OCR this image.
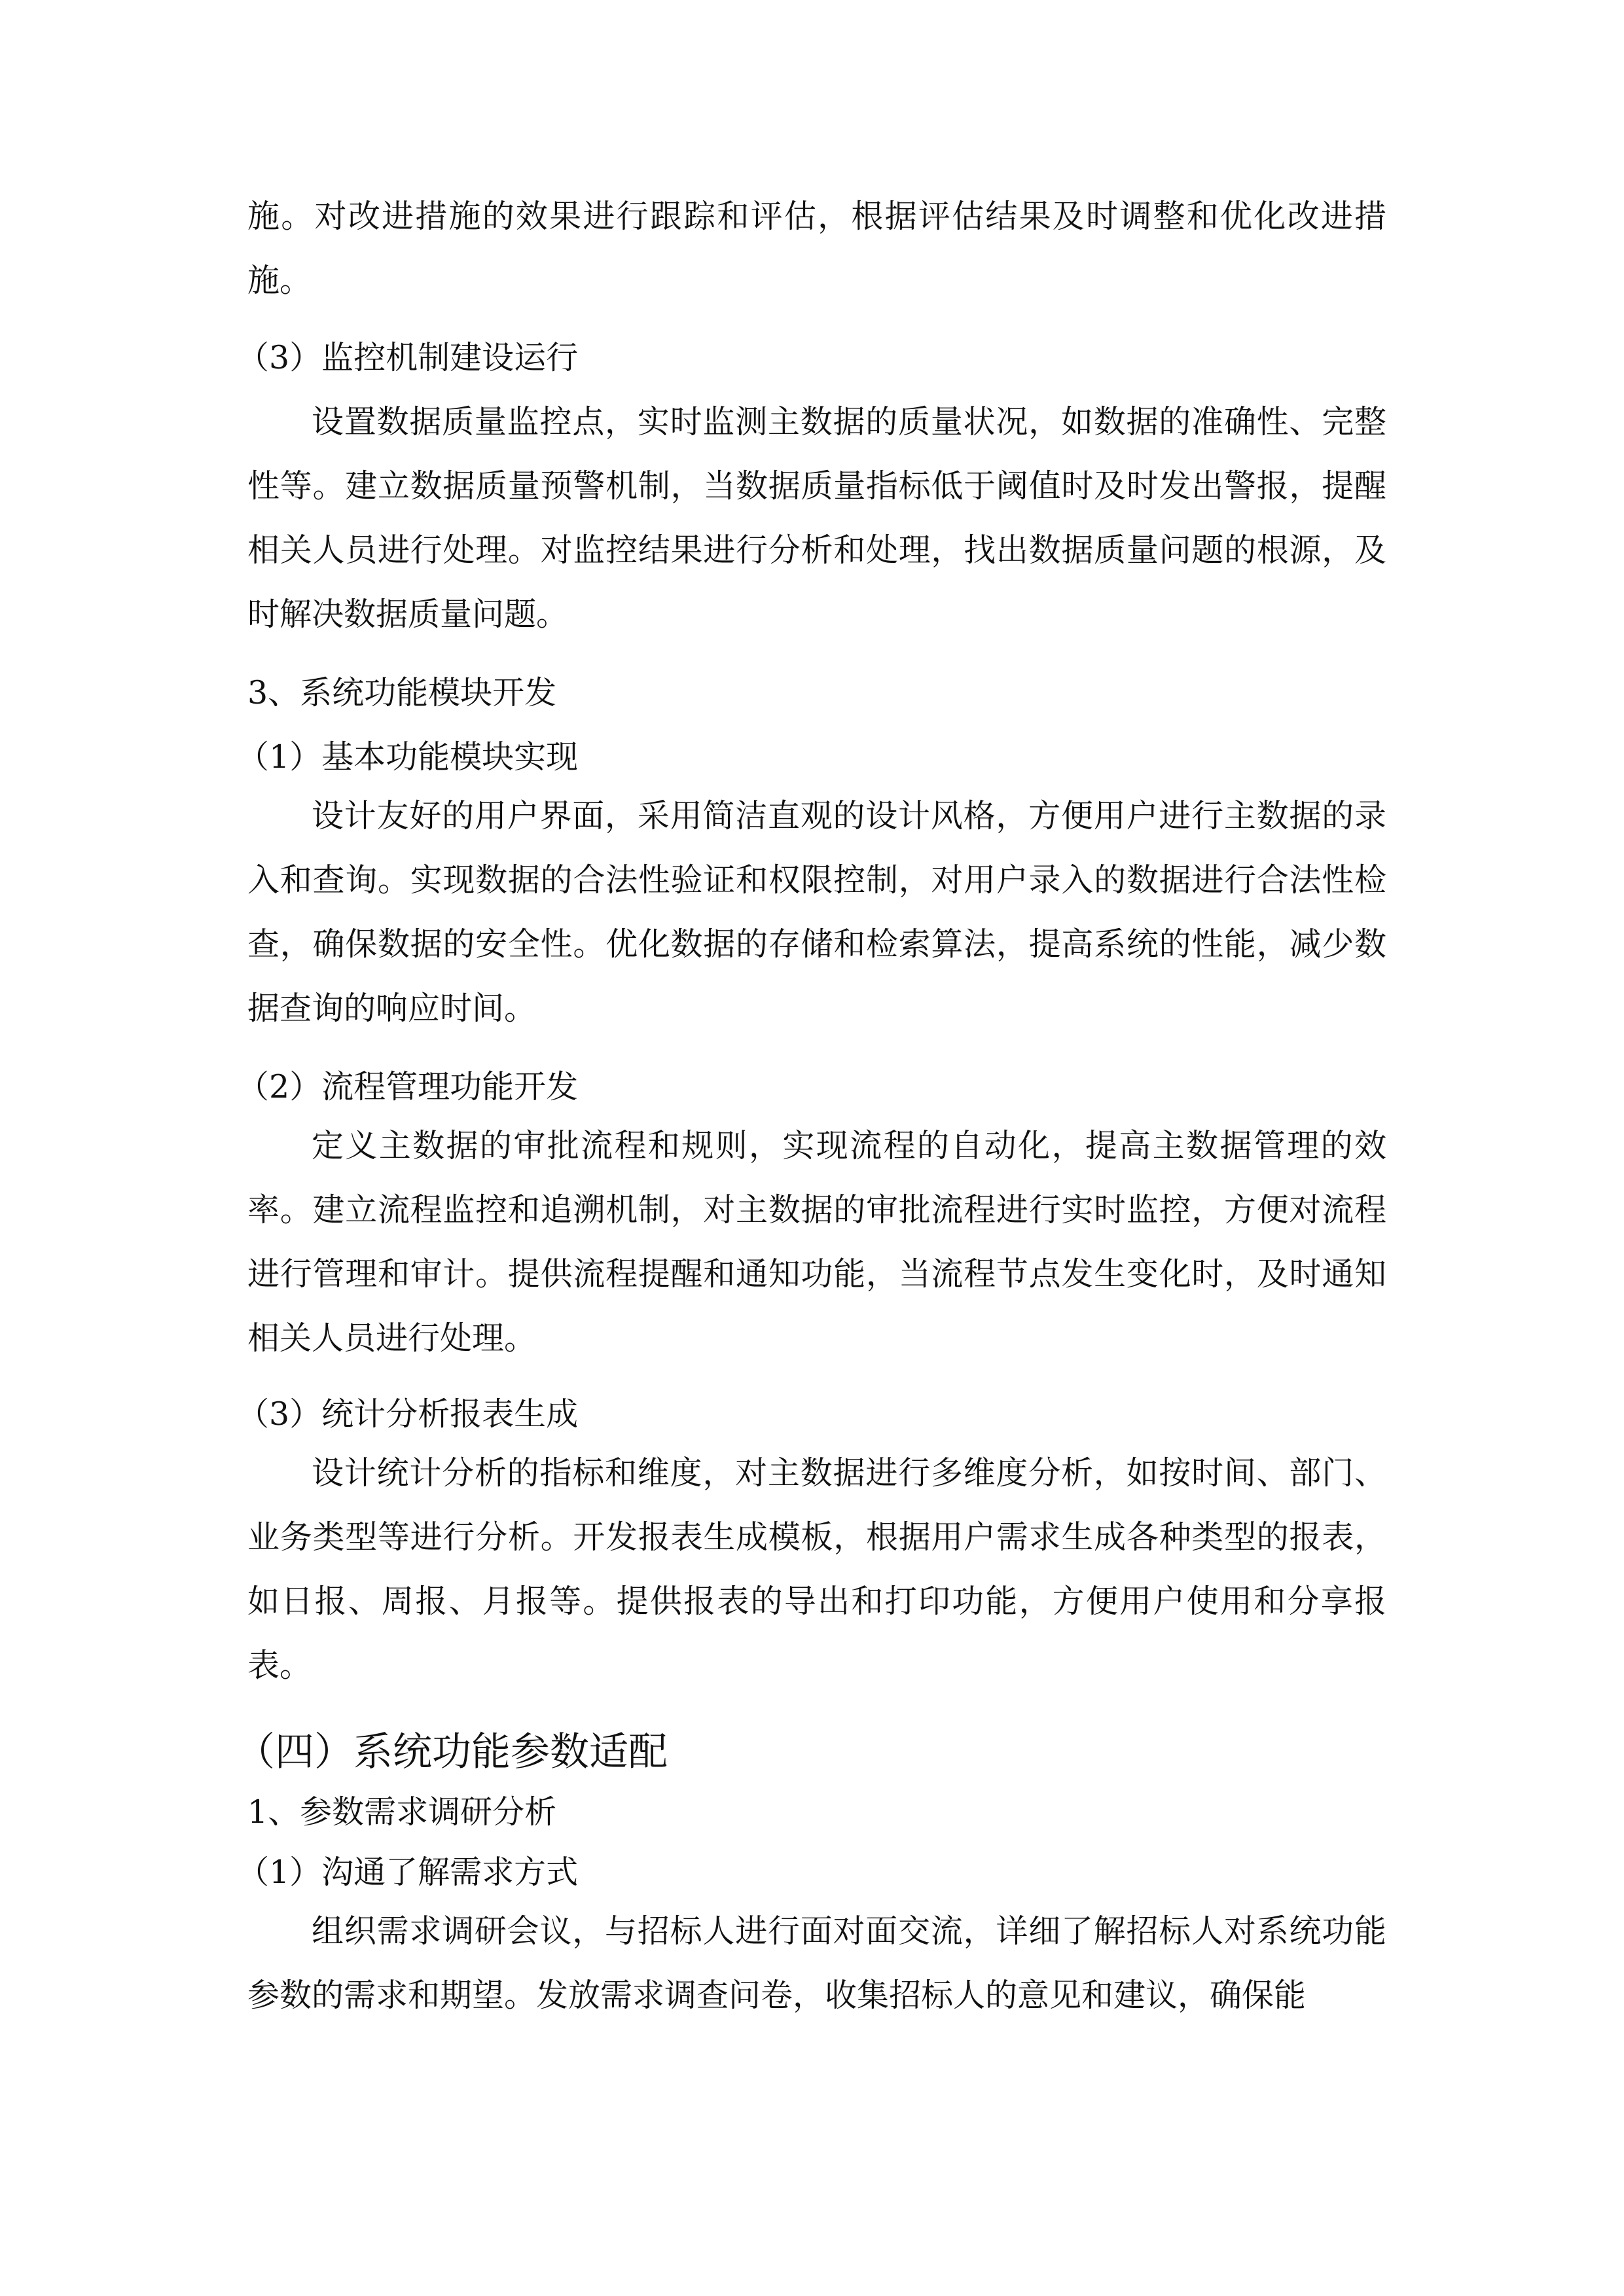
施。对改进措施的效果进行跟踪和评估，根据评估结果及时调整和优化改进措施。

（3）监控机制建设运行

设置数据质量监控点，实时监测主数据的质量状况，如数据的准确性、完整性等。建立数据质量预警机制，当数据质量指标低于阈值时及时发出警报，提醒相关人员进行处理。对监控结果进行分析和处理，找出数据质量问题的根源，及时解决数据质量问题。

3、系统功能模块开发

（1）基本功能模块实现

设计友好的用户界面，采用简洁直观的设计风格，方便用户进行主数据的录入和查询。实现数据的合法性验证和权限控制，对用户录入的数据进行合法性检查，确保数据的安全性。优化数据的存储和检索算法，提高系统的性能，减少数据查询的响应时间。

（2）流程管理功能开发

定义主数据的审批流程和规则，实现流程的自动化，提高主数据管理的效率。建立流程监控和追溯机制，对主数据的审批流程进行实时监控，方便对流程进行管理和审计。提供流程提醒和通知功能，当流程节点发生变化时，及时通知相关人员进行处理。

（3）统计分析报表生成

设计统计分析的指标和维度，对主数据进行多维度分析，如按时间、部门、业务类型等进行分析。开发报表生成模板，根据用户需求生成各种类型的报表，如日报、周报、月报等。提供报表的导出和打印功能，方便用户使用和分享报表。

（四）系统功能参数适配

1、参数需求调研分析

（1）沟通了解需求方式

组织需求调研会议，与招标人进行面对面交流，详细了解招标人对系统功能参数的需求和期望。发放需求调查问卷，收集招标人的意见和建议，确保能
